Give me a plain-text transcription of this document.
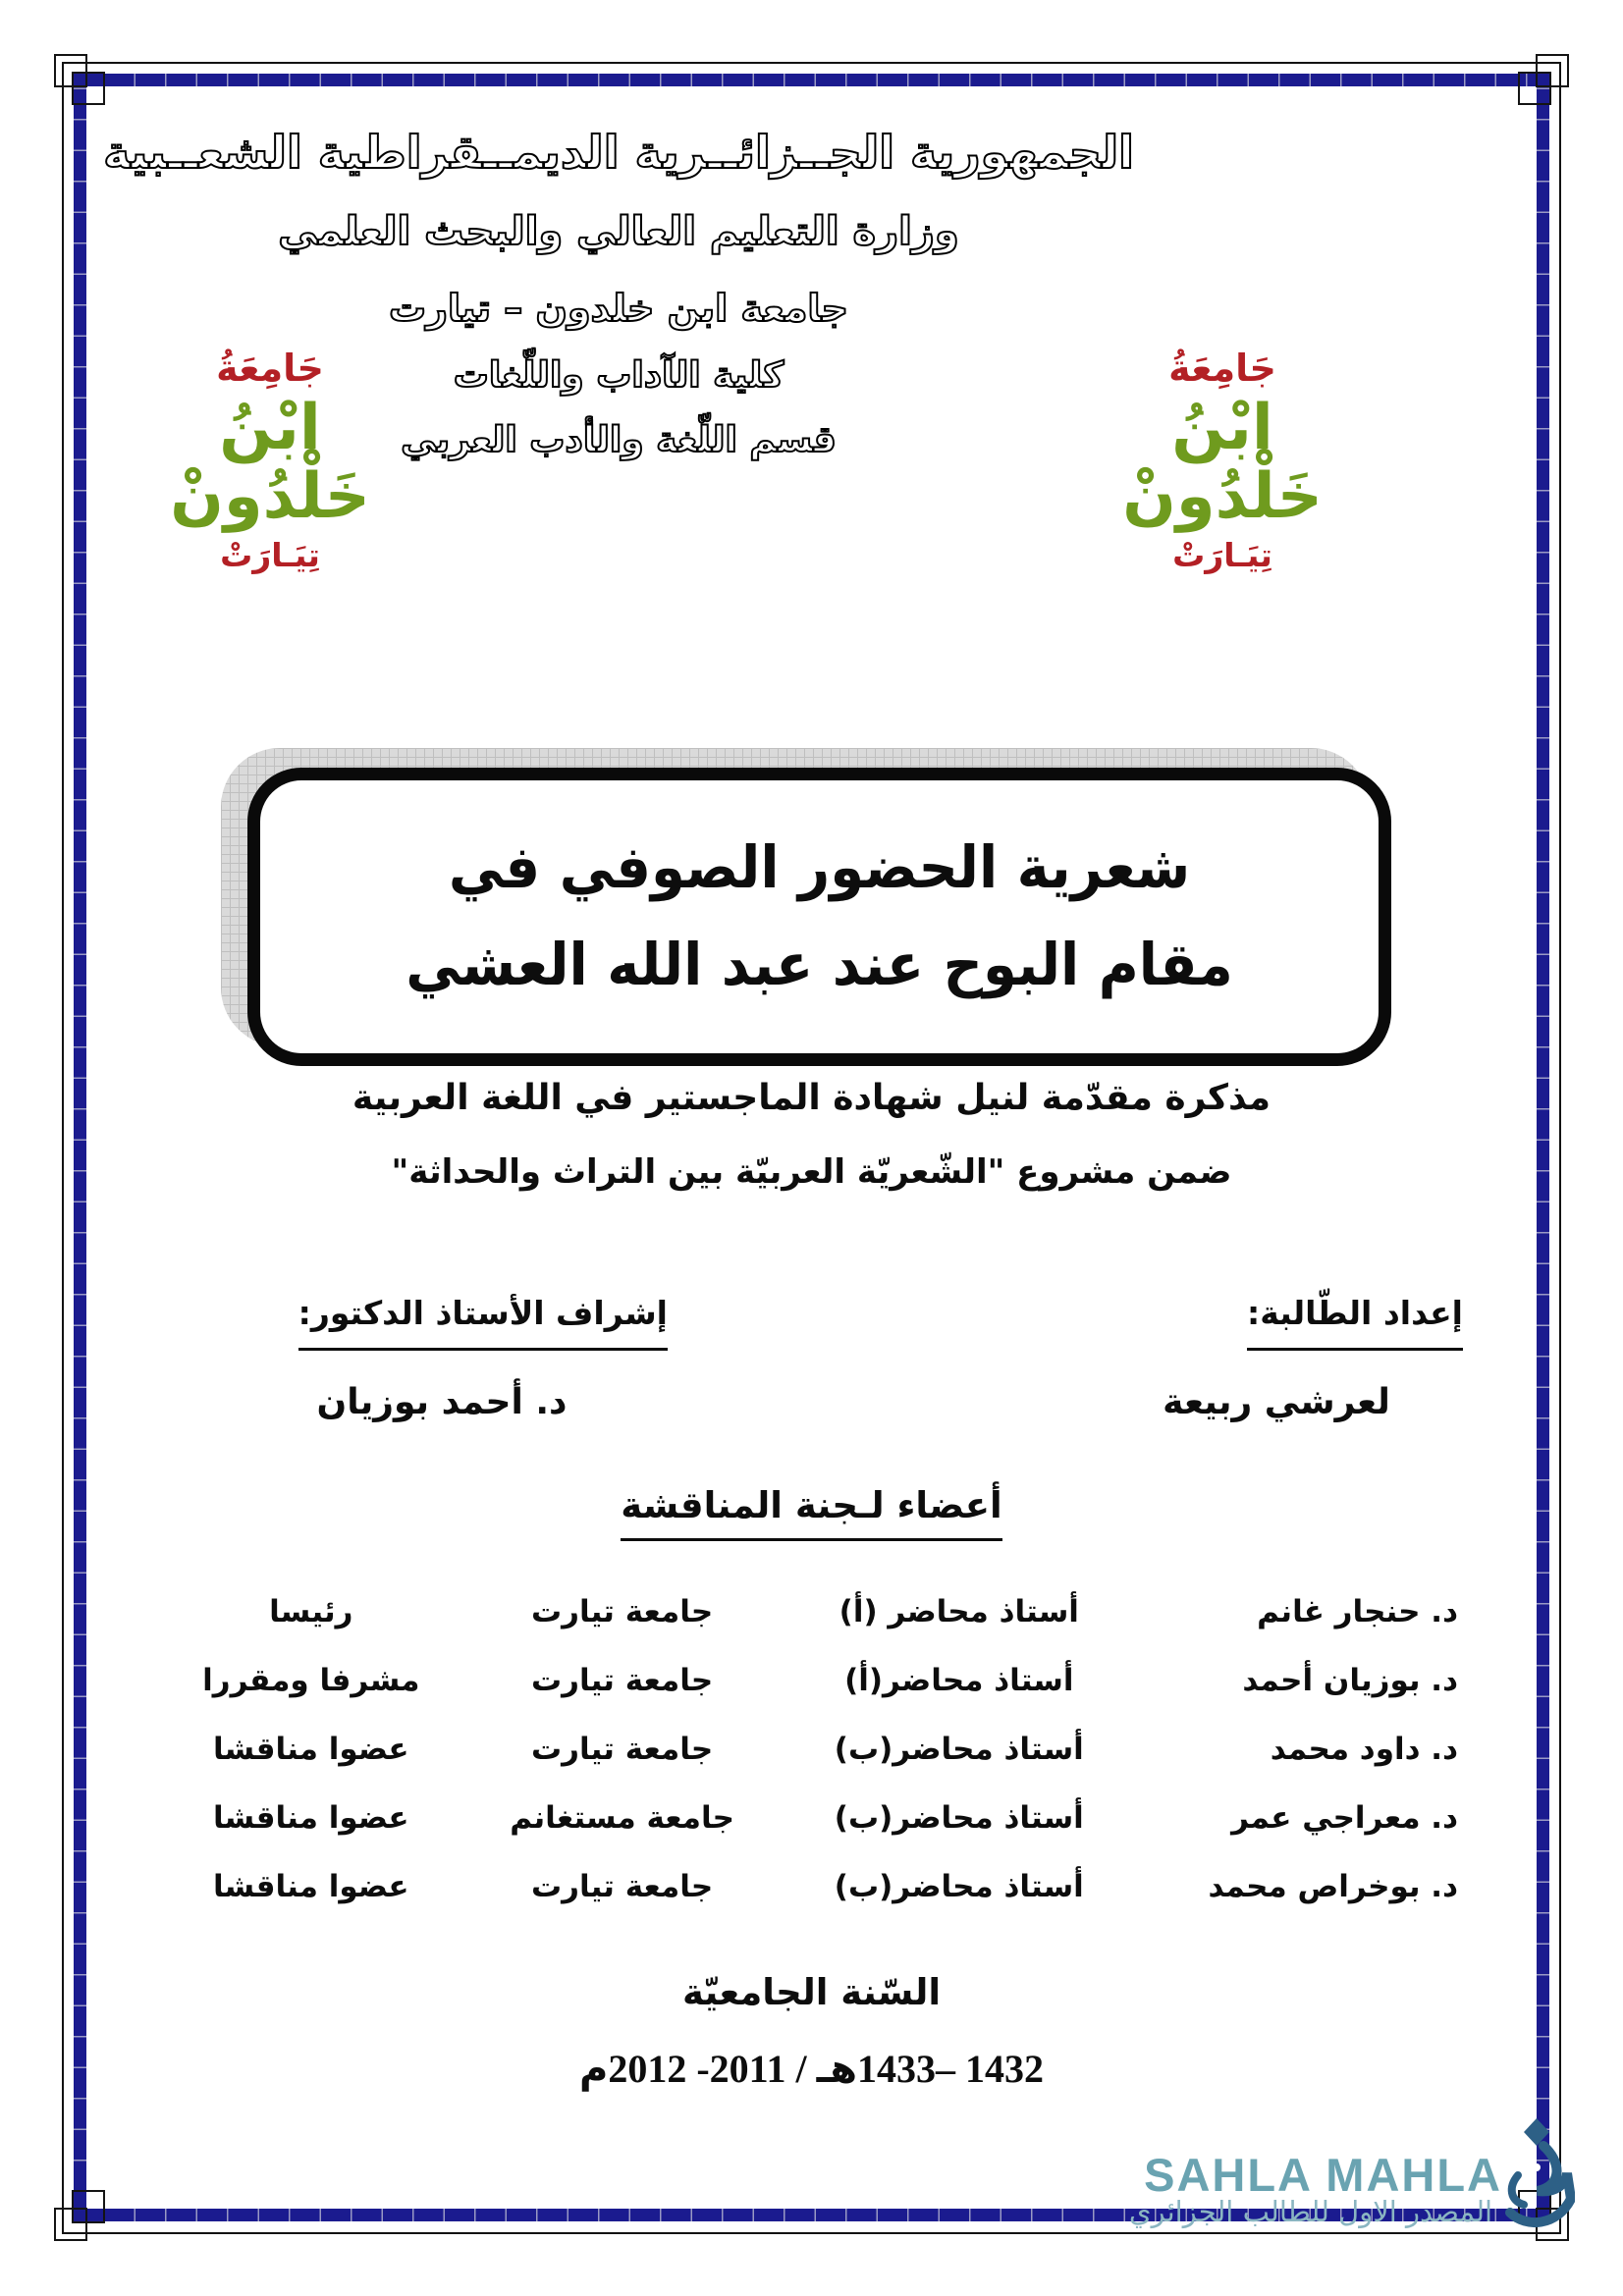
الجمهورية الجــزائــرية الديمــقراطية الشعــبية
وزارة التعليم العالي والبحث العلمي
جامعة ابن خلدون – تيارت
كلية الآداب واللّغات
قسم اللّغة والأدب العربي
جَامِعَةُ
ابْنُ خَلْدُونْ
تِيَـارَتْ
جَامِعَةُ
ابْنُ خَلْدُونْ
تِيَـارَتْ
شعرية الحضور الصوفي في
مقام البوح عند عبد الله العشي
مذكرة مقدّمة لنيل شهادة الماجستير في اللغة العربية
ضمن مشروع "الشّعريّة العربيّة بين التراث والحداثة"
إعداد الطّالبة:
لعرشي ربيعة
إشراف الأستاذ الدكتور:
د. أحمد بوزيان
أعضاء لـجنة المناقشة
د. حنجار غانم
أستاذ محاضر (أ)
جامعة تيارت
رئيسا
د. بوزيان أحمد
أستاذ محاضر(أ)
جامعة تيارت
مشرفا ومقررا
د. داود محمد
أستاذ محاضر(ب)
جامعة تيارت
عضوا مناقشا
د. معراجي عمر
أستاذ محاضر(ب)
جامعة مستغانم
عضوا مناقشا
د. بوخراص محمد
أستاذ محاضر(ب)
جامعة تيارت
عضوا مناقشا
السّنة الجامعيّة
1432 –1433هـ / 2011- 2012م
SAHLA MAHLA
المصدر الاول للطالب الجزائري
